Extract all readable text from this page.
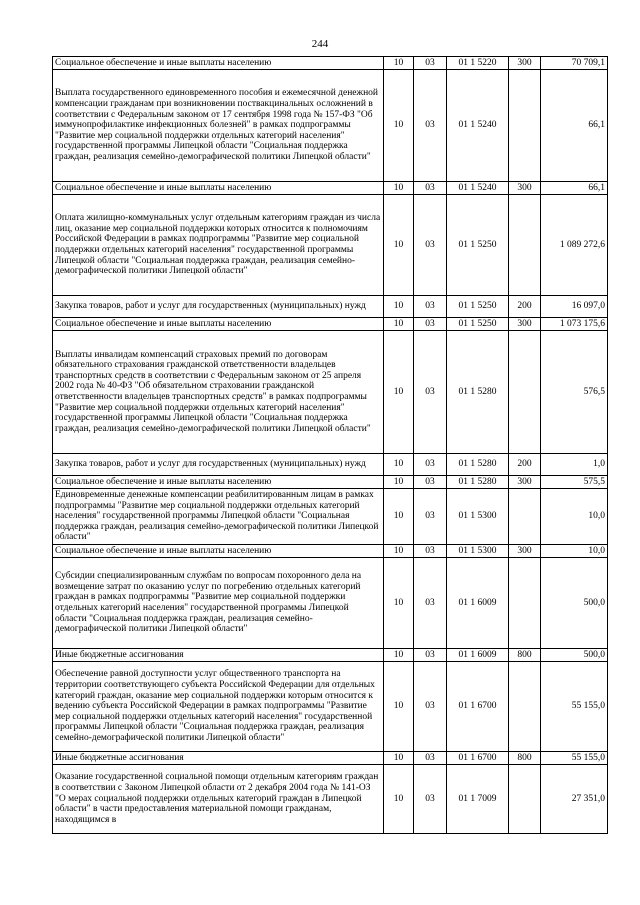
244
Социальное обеспечение и иные выплаты населению	10	03	01 1 5220	300	70 709,1
Выплата государственного единовременного пособия и ежемесячной денежной компенсации гражданам при возникновении поствакцинальных осложнений в соответствии с Федеральным законом от 17 сентября 1998 года № 157-ФЗ "Об иммунопрофилактике инфекционных болезней" в рамках подпрограммы "Развитие мер социальной поддержки отдельных категорий населения" государственной программы Липецкой области "Социальная поддержка граждан, реализация семейно-демографической политики Липецкой области"	10	03	01 1 5240		66,1
Социальное обеспечение и иные выплаты населению	10	03	01 1 5240	300	66,1
Оплата жилищно-коммунальных услуг отдельным категориям граждан из числа лиц, оказание мер социальной поддержки которых относится к полномочиям Российской Федерации в рамках подпрограммы "Развитие мер социальной поддержки отдельных категорий населения" государственной программы Липецкой области "Социальная поддержка граждан, реализация семейно-демографической политики Липецкой области"	10	03	01 1 5250		1 089 272,6
Закупка товаров, работ и услуг для государственных (муниципальных) нужд	10	03	01 1 5250	200	16 097,0
Социальное обеспечение и иные выплаты населению	10	03	01 1 5250	300	1 073 175,6
Выплаты инвалидам компенсаций страховых премий по договорам обязательного страхования гражданской ответственности владельцев транспортных средств в соответствии с Федеральным законом от 25 апреля 2002 года № 40-ФЗ "Об обязательном страховании гражданской ответственности владельцев транспортных средств" в рамках подпрограммы "Развитие мер социальной поддержки отдельных категорий населения" государственной программы Липецкой области "Социальная поддержка граждан, реализация семейно-демографической политики Липецкой области"	10	03	01 1 5280		576,5
Закупка товаров, работ и услуг для государственных (муниципальных) нужд	10	03	01 1 5280	200	1,0
Социальное обеспечение и иные выплаты населению	10	03	01 1 5280	300	575,5
Единовременные денежные компенсации реабилитированным лицам в рамках подпрограммы "Развитие мер социальной поддержки отдельных категорий населения" государственной программы Липецкой области "Социальная поддержка граждан, реализация семейно-демографической политики Липецкой области"	10	03	01 1 5300		10,0
Социальное обеспечение и иные выплаты населению	10	03	01 1 5300	300	10,0
Субсидии специализированным службам по вопросам похоронного дела на возмещение затрат по оказанию услуг по погребению отдельных категорий граждан в рамках подпрограммы "Развитие мер социальной поддержки отдельных категорий населения" государственной программы Липецкой области "Социальная поддержка граждан, реализация семейно-демографической политики Липецкой области"	10	03	01 1 6009		500,0
Иные бюджетные ассигнования	10	03	01 1 6009	800	500,0
Обеспечение равной доступности услуг общественного транспорта на территории соответствующего субъекта Российской Федерации для отдельных категорий граждан, оказание мер социальной поддержки которым относится к ведению субъекта Российской Федерации в рамках подпрограммы "Развитие мер социальной поддержки отдельных категорий населения" государственной программы Липецкой области "Социальная поддержка граждан, реализация семейно-демографической политики Липецкой области"	10	03	01 1 6700		55 155,0
Иные бюджетные ассигнования	10	03	01 1 6700	800	55 155,0
Оказание государственной социальной помощи отдельным категориям граждан в соответствии с Законом Липецкой области от 2 декабря 2004 года № 141-ОЗ "О мерах социальной поддержки отдельных категорий граждан в Липецкой области" в части предоставления материальной помощи гражданам, находящимся в	10	03	01 1 7009		27 351,0
